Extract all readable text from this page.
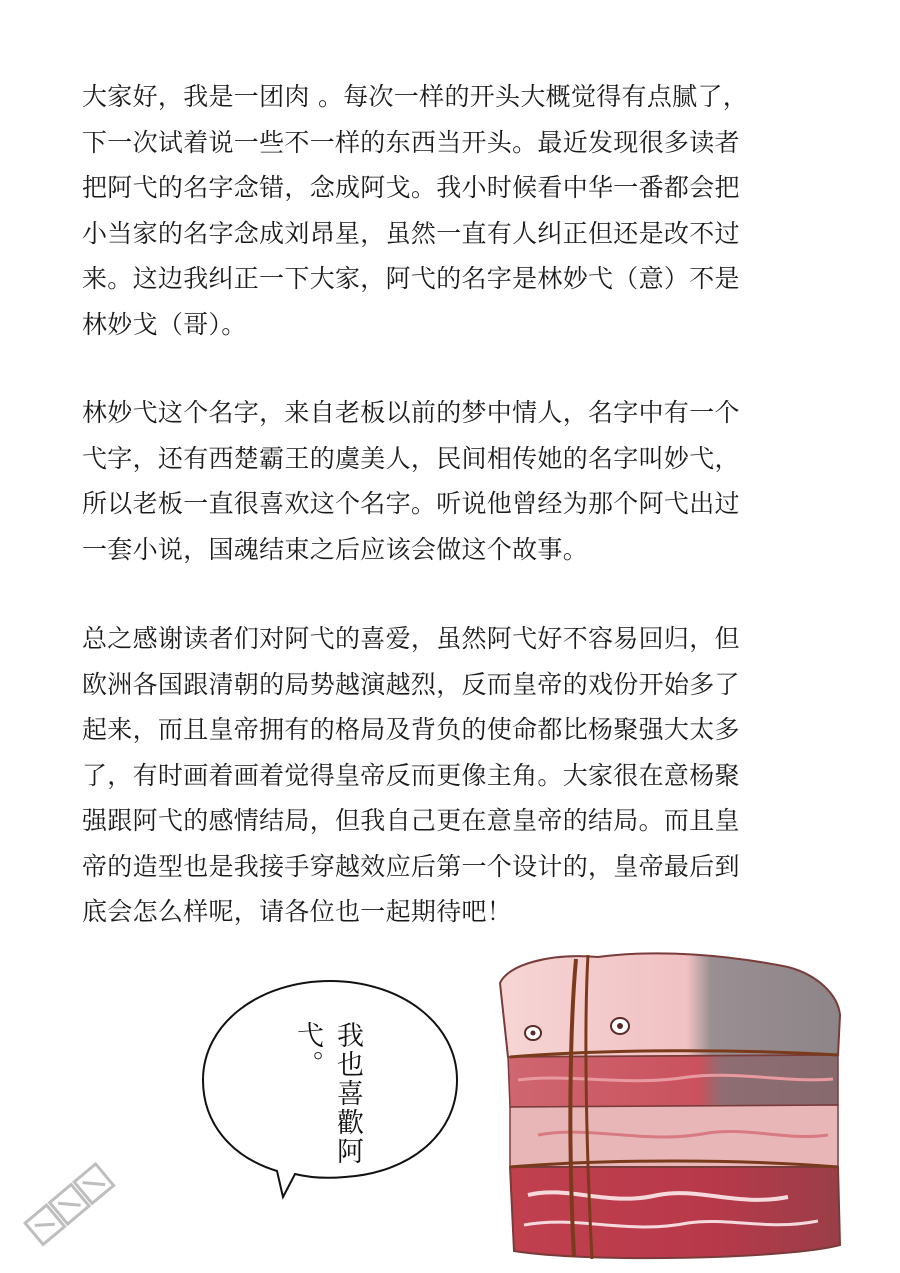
大家好，我是一团肉 。每次一样的开头大概觉得有点腻了，
下一次试着说一些不一样的东西当开头。最近发现很多读者
把阿弋的名字念错，念成阿戈。我小时候看中华一番都会把
小当家的名字念成刘昂星，虽然一直有人纠正但还是改不过
来。这边我纠正一下大家，阿弋的名字是林妙弋（意）不是
林妙戈（哥）。

林妙弋这个名字，来自老板以前的梦中情人，名字中有一个
弋字，还有西楚霸王的虞美人，民间相传她的名字叫妙弋，
所以老板一直很喜欢这个名字。听说他曾经为那个阿弋出过
一套小说，国魂结束之后应该会做这个故事。

总之感谢读者们对阿弋的喜爱，虽然阿弋好不容易回归，但
欧洲各国跟清朝的局势越演越烈，反而皇帝的戏份开始多了
起来，而且皇帝拥有的格局及背负的使命都比杨聚强大太多
了，有时画着画着觉得皇帝反而更像主角。大家很在意杨聚
强跟阿弋的感情结局，但我自己更在意皇帝的结局。而且皇
帝的造型也是我接手穿越效应后第一个设计的，皇帝最后到
底会怎么样呢，请各位也一起期待吧！

我也喜歡阿弋。
